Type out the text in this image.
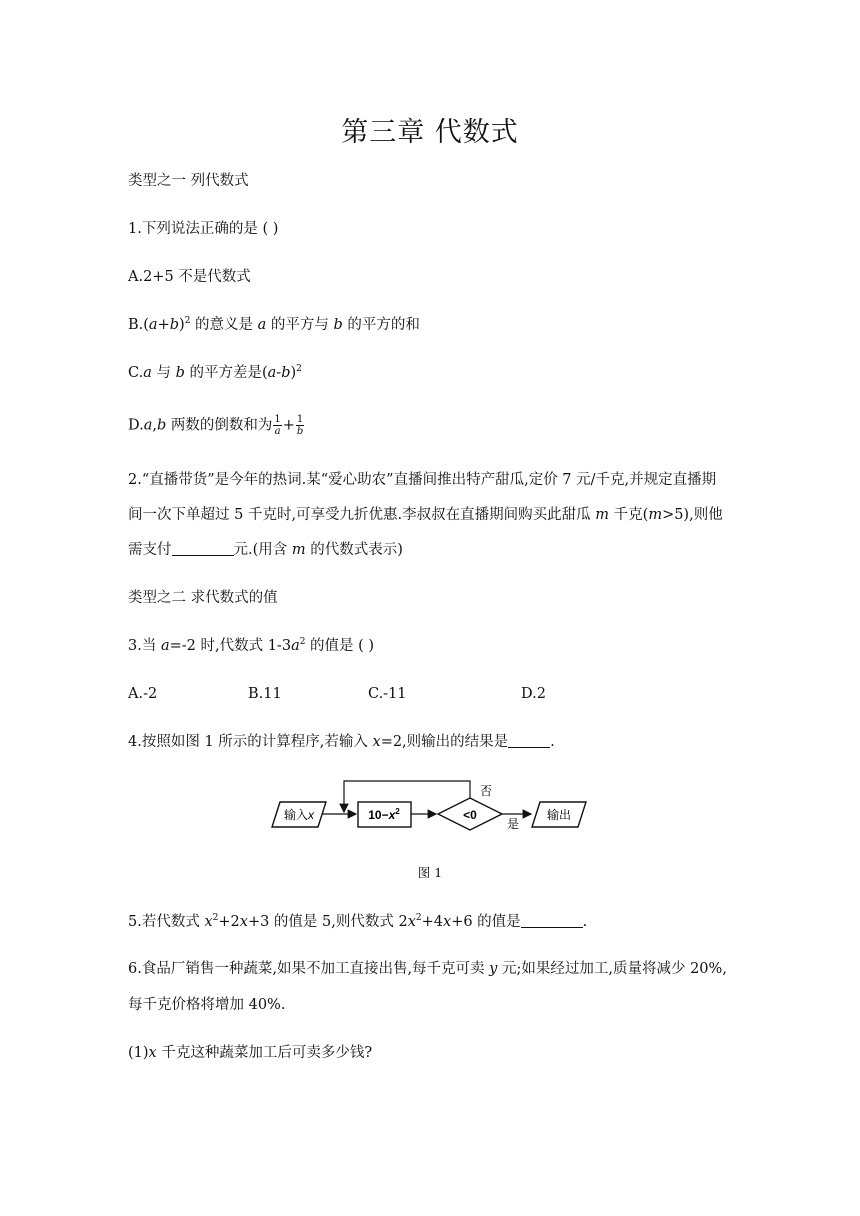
第三章 代数式
类型之一 列代数式
1.下列说法正确的是 ( )
A.2+5 不是代数式
$B.(a+b)^2$ 的意义是 a 的平方与 b 的平方的和
C.a 与 b 的平方差是$(a-b)^2$
D.a,b 两数的倒数和为 $\frac{1}{a} + \frac{1}{b}$
2.“直播带货”是今年的热词.某“爱心助农”直播间推出特产甜瓜,定价 7 元/千克,并规定直播期
间一次下单超过 5 千克时,可享受九折优惠.李叔叔在直播期间购买此甜瓜 m 千克(m>5),则他
需支付	元.(用含 m 的代数式表示)
类型之二 求代数式的值
3.当 a=-2 时,代数式 $1-3a^2$ 的值是 ( )
A.-2	B.11	C.-11	D.2
4.按照如图 1 所示的计算程序,若输入 x=2,则输出的结果是	.
输入x	$10-x^2$	<0
否
是
输出
图 1
5.若代数式 $x^2+2x+3$ 的值是 5,则代数式 $2x^2+4x+6$ 的值是	.
6.食品厂销售一种蔬菜,如果不加工直接出售,每千克可卖 y 元;如果经过加工,质量将减少 20%,
每千克价格将增加 40%.
(1)x 千克这种蔬菜加工后可卖多少钱?
